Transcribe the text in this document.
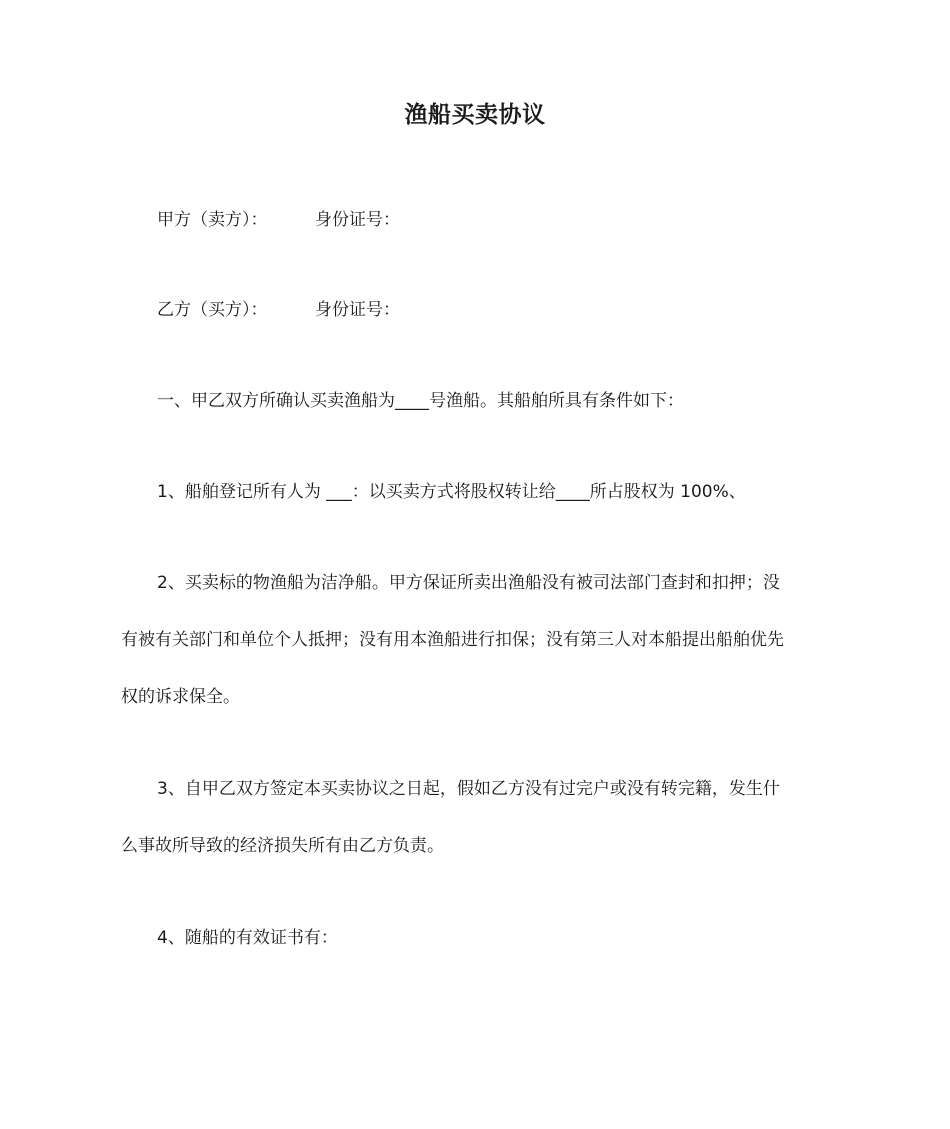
渔船买卖协议
甲方（卖方）：	身份证号：
乙方（买方）：	身份证号：
一、甲乙双方所确认买卖渔船为____号渔船。其船舶所具有条件如下：
1、船舶登记所有人为 ___：以买卖方式将股权转让给____所占股权为 100%、
2、买卖标的物渔船为洁净船。甲方保证所卖出渔船没有被司法部门查封和扣押；没
有被有关部门和单位个人抵押；没有用本渔船进行扣保；没有第三人对本船提出船舶优先
权的诉求保全。
3、自甲乙双方签定本买卖协议之日起，假如乙方没有过完户或没有转完籍，发生什
么事故所导致的经济损失所有由乙方负责。
4、随船的有效证书有：
